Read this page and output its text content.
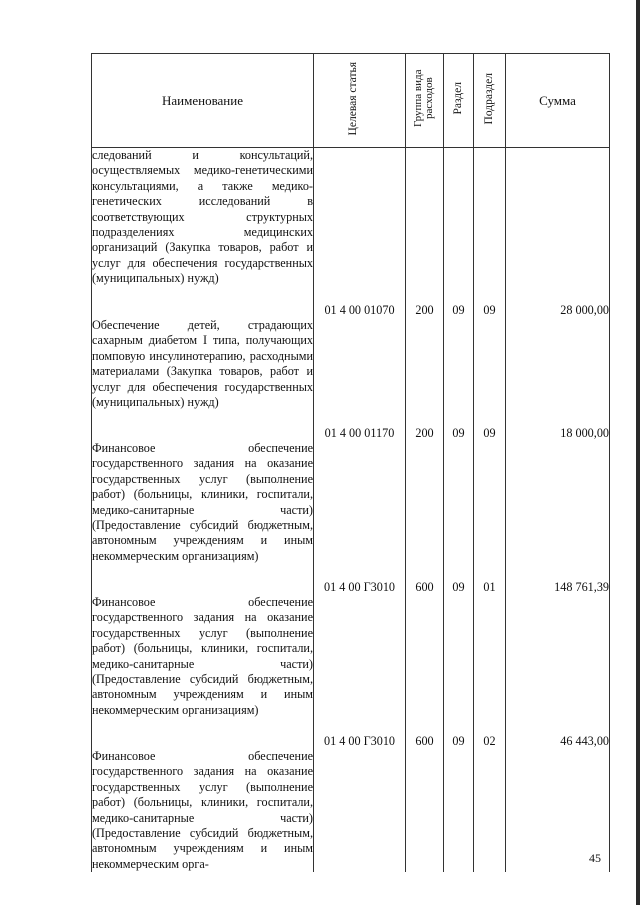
Наименование	Целевая статья	Группа вида расходов	Раздел	Подраздел	Сумма
следований и консультаций, осуществляемых медико-генетическими консультациями, а также медико-генетических исследований в соответствующих структурных подразделениях медицинских организаций (Закупка товаров, работ и услуг для обеспечения государственных (муниципальных) нужд)	01 4 00 01070	200	09	09	28 000,00
Обеспечение детей, страдающих сахарным диабетом I типа, получающих помповую инсулинотерапию, расходными материалами (Закупка товаров, работ и услуг для обеспечения государственных (муниципальных) нужд)	01 4 00 01170	200	09	09	18 000,00
Финансовое обеспечение государственного задания на оказание государственных услуг (выполнение работ) (больницы, клиники, госпитали, медико-санитарные части) (Предоставление субсидий бюджетным, автономным учреждениям и иным некоммерческим организациям)	01 4 00 Г3010	600	09	01	148 761,39
Финансовое обеспечение государственного задания на оказание государственных услуг (выполнение работ) (больницы, клиники, госпитали, медико-санитарные части) (Предоставление субсидий бюджетным, автономным учреждениям и иным некоммерческим организациям)	01 4 00 Г3010	600	09	02	46 443,00
Финансовое обеспечение государственного задания на оказание государственных услуг (выполнение работ) (больницы, клиники, госпитали, медико-санитарные части) (Предоставление субсидий бюджетным, автономным учреждениям и иным некоммерческим орга-						45
